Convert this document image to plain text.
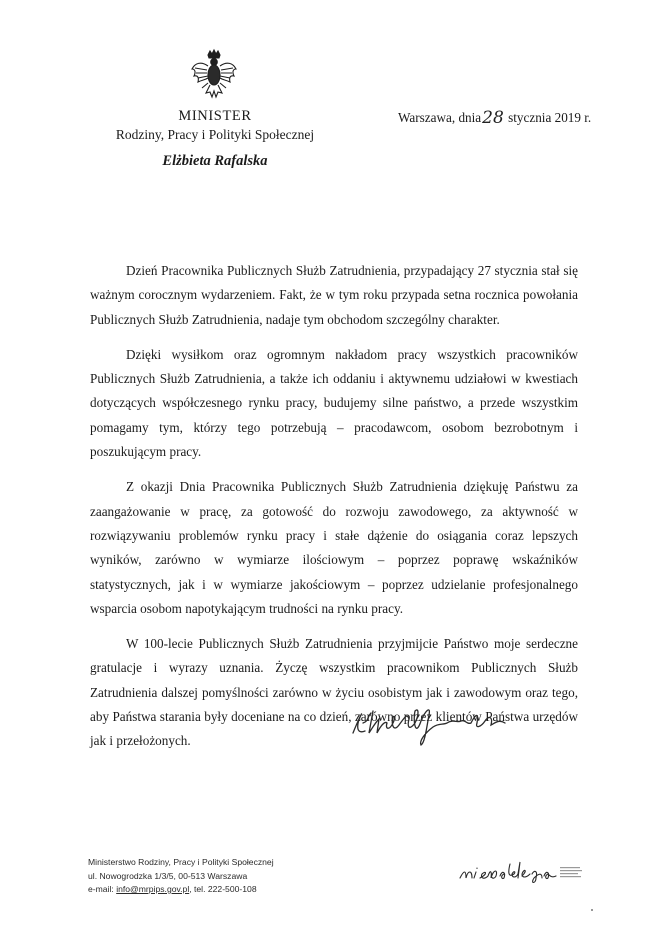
MINISTER
Rodziny, Pracy i Polityki Społecznej
Elżbieta Rafalska
Warszawa, dnia28 stycznia 2019 r.

Dzień Pracownika Publicznych Służb Zatrudnienia, przypadający 27 stycznia stał się ważnym corocznym wydarzeniem. Fakt, że w tym roku przypada setna rocznica powołania Publicznych Służb Zatrudnienia, nadaje tym obchodom szczególny charakter.

Dzięki wysiłkom oraz ogromnym nakładom pracy wszystkich pracowników Publicznych Służb Zatrudnienia, a także ich oddaniu i aktywnemu udziałowi w kwestiach dotyczących współczesnego rynku pracy, budujemy silne państwo, a przede wszystkim pomagamy tym, którzy tego potrzebują – pracodawcom, osobom bezrobotnym i poszukującym pracy.

Z okazji Dnia Pracownika Publicznych Służb Zatrudnienia dziękuję Państwu za zaangażowanie w pracę, za gotowość do rozwoju zawodowego, za aktywność w rozwiązywaniu problemów rynku pracy i stałe dążenie do osiągania coraz lepszych wyników, zarówno w wymiarze ilościowym – poprzez poprawę wskaźników statystycznych, jak i w wymiarze jakościowym – poprzez udzielanie profesjonalnego wsparcia osobom napotykającym trudności na rynku pracy.

W 100-lecie Publicznych Służb Zatrudnienia przyjmijcie Państwo moje serdeczne gratulacje i wyrazy uznania. Życzę wszystkim pracownikom Publicznych Służb Zatrudnienia dalszej pomyślności zarówno w życiu osobistym jak i zawodowym oraz tego, aby Państwa starania były doceniane na co dzień, zarówno przez klientów Państwa urzędów jak i przełożonych.

Ministerstwo Rodziny, Pracy i Polityki Społecznej
ul. Nowogrodzka 1/3/5, 00-513 Warszawa
e-mail: info@mrpips.gov.pl, tel. 222-500-108
